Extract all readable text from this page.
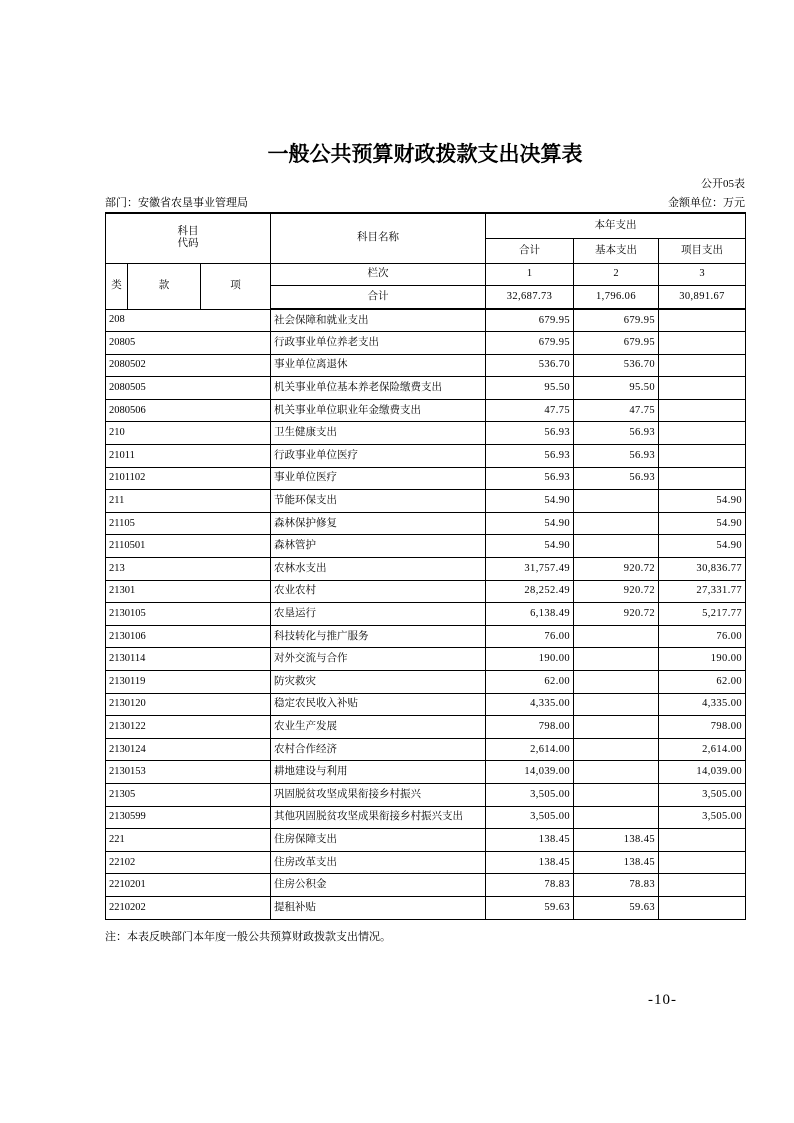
一般公共预算财政拨款支出决算表
公开05表
部门：安徽省农垦事业管理局	金额单位：万元
科目
代码			科目名称	本年支出		
				合计	基本支出	项目支出
类	款	项	栏次	1	2	3
			合计	32,687.73	1,796.06	30,891.67
208			社会保障和就业支出	679.95	679.95	
20805			行政事业单位养老支出	679.95	679.95	
2080502			事业单位离退休	536.70	536.70	
2080505			机关事业单位基本养老保险缴费支出	95.50	95.50	
2080506			机关事业单位职业年金缴费支出	47.75	47.75	
210			卫生健康支出	56.93	56.93	
21011			行政事业单位医疗	56.93	56.93	
2101102			事业单位医疗	56.93	56.93	
211			节能环保支出	54.90		54.90
21105			森林保护修复	54.90		54.90
2110501			森林管护	54.90		54.90
213			农林水支出	31,757.49	920.72	30,836.77
21301			农业农村	28,252.49	920.72	27,331.77
2130105			农垦运行	6,138.49	920.72	5,217.77
2130106			科技转化与推广服务	76.00		76.00
2130114			对外交流与合作	190.00		190.00
2130119			防灾救灾	62.00		62.00
2130120			稳定农民收入补贴	4,335.00		4,335.00
2130122			农业生产发展	798.00		798.00
2130124			农村合作经济	2,614.00		2,614.00
2130153			耕地建设与利用	14,039.00		14,039.00
21305			巩固脱贫攻坚成果衔接乡村振兴	3,505.00		3,505.00
2130599			其他巩固脱贫攻坚成果衔接乡村振兴支出	3,505.00		3,505.00
221			住房保障支出	138.45	138.45	
22102			住房改革支出	138.45	138.45	
2210201			住房公积金	78.83	78.83	
2210202			提租补贴	59.63	59.63	
注：本表反映部门本年度一般公共预算财政拨款支出情况。
-10-
